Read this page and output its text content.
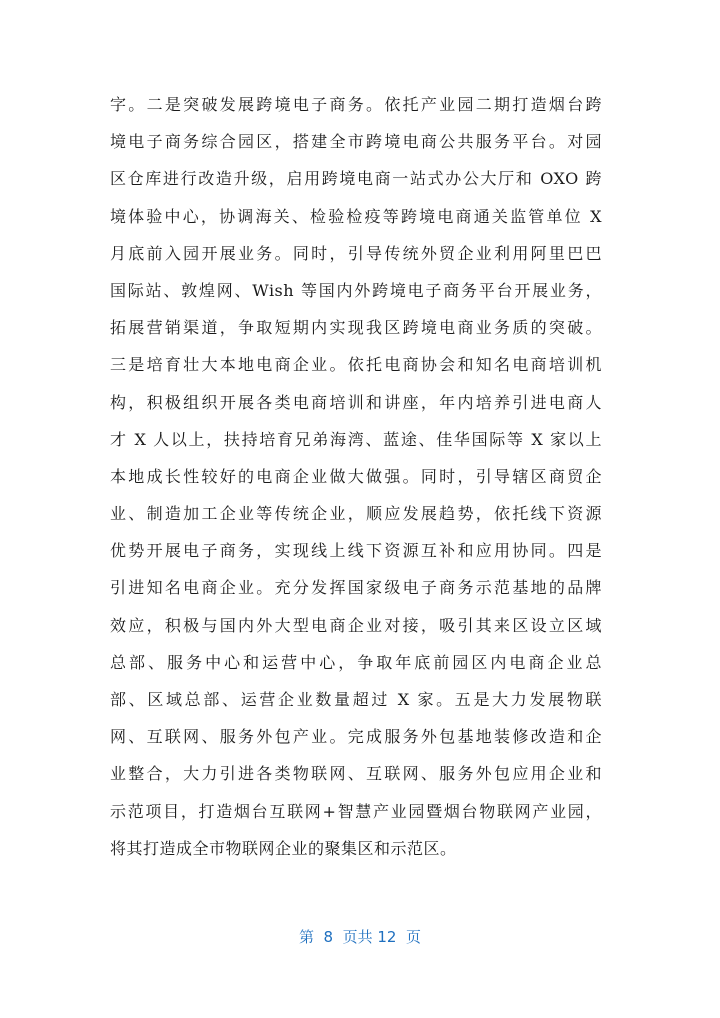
字。二是突破发展跨境电子商务。依托产业园二期打造烟台跨
境电子商务综合园区，搭建全市跨境电商公共服务平台。对园
区仓库进行改造升级，启用跨境电商一站式办公大厅和 OXO 跨
境体验中心，协调海关、检验检疫等跨境电商通关监管单位 X
月底前入园开展业务。同时，引导传统外贸企业利用阿里巴巴
国际站、敦煌网、Wish 等国内外跨境电子商务平台开展业务，
拓展营销渠道，争取短期内实现我区跨境电商业务质的突破。
三是培育壮大本地电商企业。依托电商协会和知名电商培训机
构，积极组织开展各类电商培训和讲座，年内培养引进电商人
才 X 人以上，扶持培育兄弟海湾、蓝途、佳华国际等 X 家以上
本地成长性较好的电商企业做大做强。同时，引导辖区商贸企
业、制造加工企业等传统企业，顺应发展趋势，依托线下资源
优势开展电子商务，实现线上线下资源互补和应用协同。四是
引进知名电商企业。充分发挥国家级电子商务示范基地的品牌
效应，积极与国内外大型电商企业对接，吸引其来区设立区域
总部、服务中心和运营中心，争取年底前园区内电商企业总
部、区域总部、运营企业数量超过 X 家。五是大力发展物联
网、互联网、服务外包产业。完成服务外包基地装修改造和企
业整合，大力引进各类物联网、互联网、服务外包应用企业和
示范项目，打造烟台互联网+智慧产业园暨烟台物联网产业园，
将其打造成全市物联网企业的聚集区和示范区。
第  8  页共 12  页
